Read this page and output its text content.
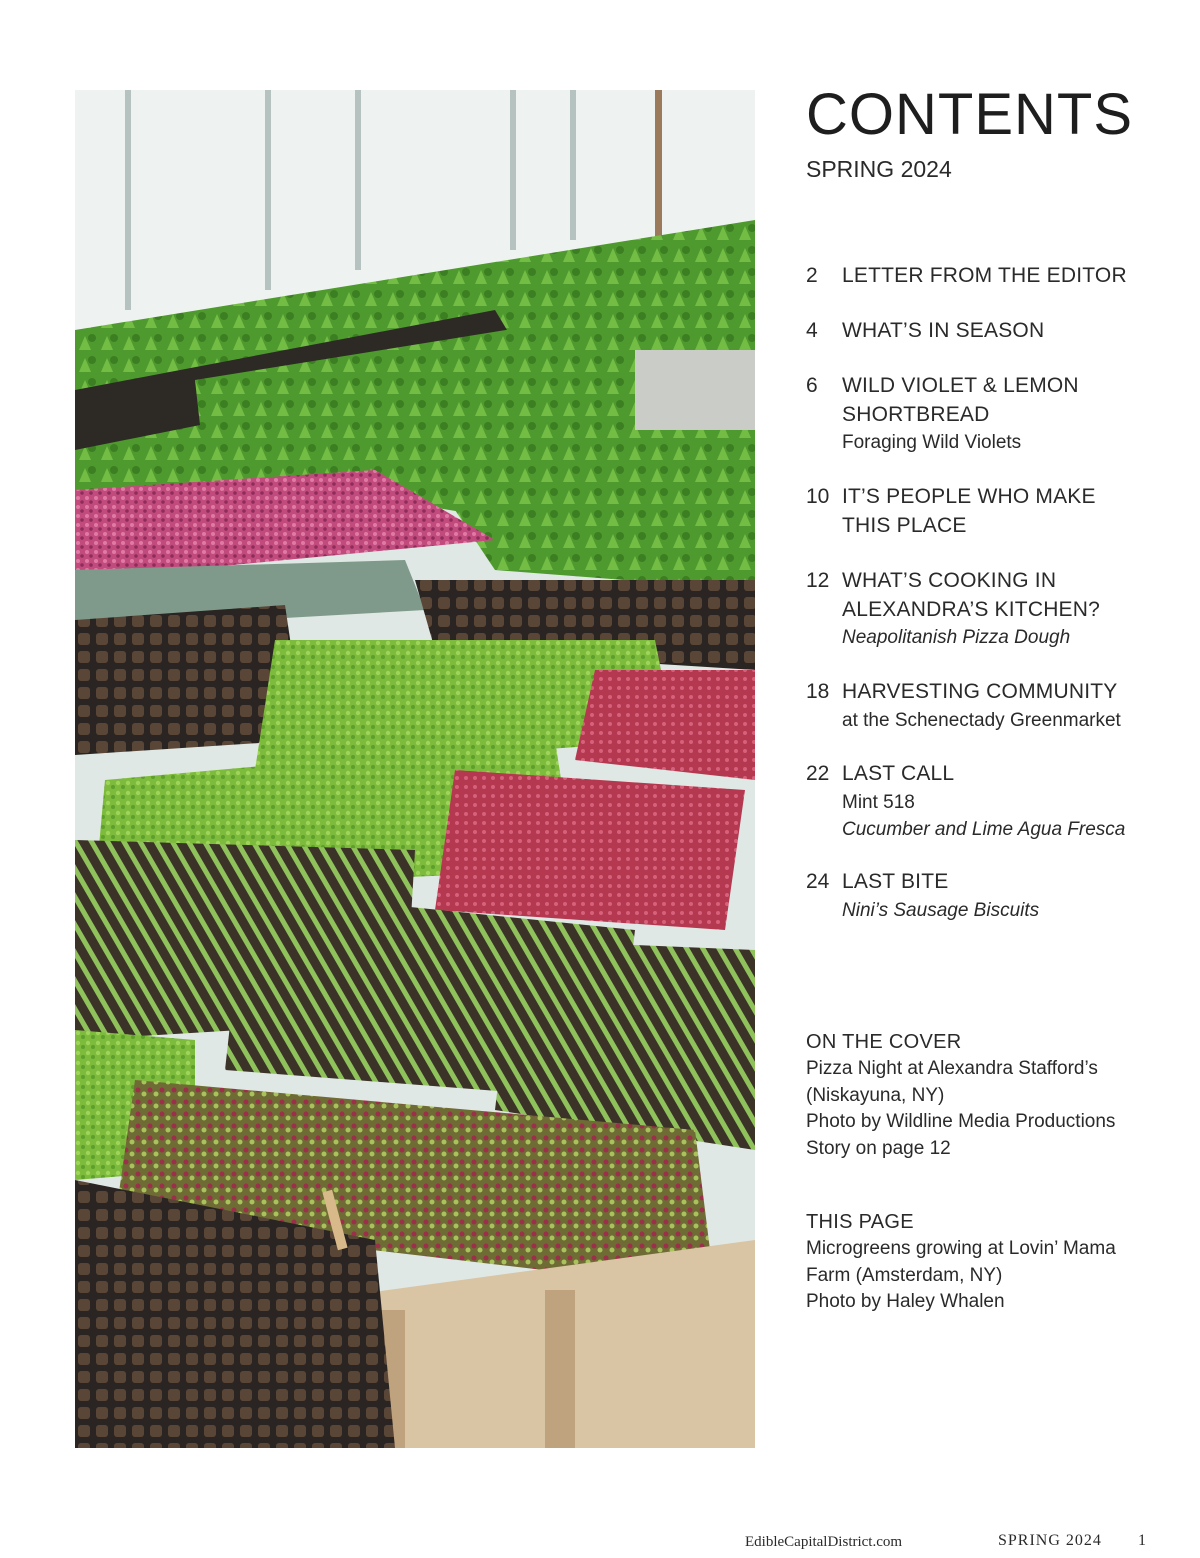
CONTENTS
SPRING 2024
2 LETTER FROM THE EDITOR
4 WHAT’S IN SEASON
6 WILD VIOLET & LEMON
SHORTBREAD
Foraging Wild Violets
10 IT’S PEOPLE WHO MAKE
THIS PLACE
12 WHAT’S COOKING IN
ALEXANDRA’S KITCHEN?
Neapolitanish Pizza Dough
18 HARVESTING COMMUNITY
at the Schenectady Greenmarket
22 LAST CALL
Mint 518
Cucumber and Lime Agua Fresca
24 LAST BITE
Nini’s Sausage Biscuits
ON THE COVER
Pizza Night at Alexandra Stafford’s
(Niskayuna, NY)
Photo by Wildline Media Productions
Story on page 12
THIS PAGE
Microgreens growing at Lovin’ Mama
Farm (Amsterdam, NY)
Photo by Haley Whalen
EdibleCapitalDistrict.com	SPRING 2024 1
